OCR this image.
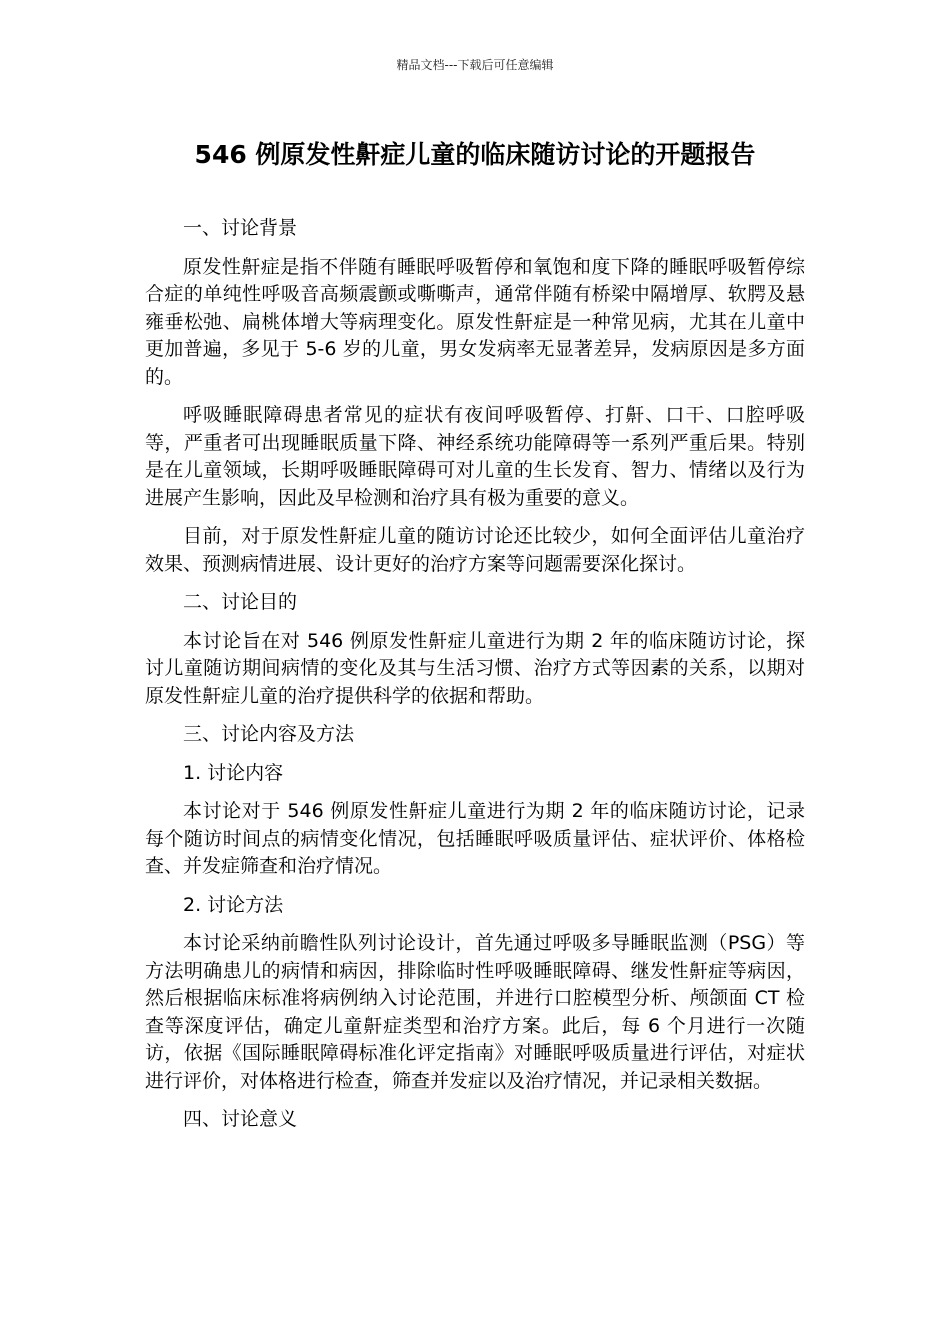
精品文档---下载后可任意编辑
546 例原发性鼾症儿童的临床随访讨论的开题报告
一、讨论背景

原发性鼾症是指不伴随有睡眠呼吸暂停和氧饱和度下降的睡眠呼吸暂停综合症的单纯性呼吸音高频震颤或嘶嘶声，通常伴随有桥梁中隔增厚、软腭及悬雍垂松弛、扁桃体增大等病理变化。原发性鼾症是一种常见病，尤其在儿童中更加普遍，多见于 5-6 岁的儿童，男女发病率无显著差异，发病原因是多方面的。

呼吸睡眠障碍患者常见的症状有夜间呼吸暂停、打鼾、口干、口腔呼吸等，严重者可出现睡眠质量下降、神经系统功能障碍等一系列严重后果。特别是在儿童领域，长期呼吸睡眠障碍可对儿童的生长发育、智力、情绪以及行为进展产生影响，因此及早检测和治疗具有极为重要的意义。

目前，对于原发性鼾症儿童的随访讨论还比较少，如何全面评估儿童治疗效果、预测病情进展、设计更好的治疗方案等问题需要深化探讨。

二、讨论目的

本讨论旨在对 546 例原发性鼾症儿童进行为期 2 年的临床随访讨论，探讨儿童随访期间病情的变化及其与生活习惯、治疗方式等因素的关系，以期对原发性鼾症儿童的治疗提供科学的依据和帮助。

三、讨论内容及方法
1. 讨论内容

本讨论对于 546 例原发性鼾症儿童进行为期 2 年的临床随访讨论，记录每个随访时间点的病情变化情况，包括睡眠呼吸质量评估、症状评价、体格检查、并发症筛查和治疗情况。

2. 讨论方法

本讨论采纳前瞻性队列讨论设计，首先通过呼吸多导睡眠监测（PSG）等方法明确患儿的病情和病因，排除临时性呼吸睡眠障碍、继发性鼾症等病因，然后根据临床标准将病例纳入讨论范围，并进行口腔模型分析、颅颌面 CT 检查等深度评估，确定儿童鼾症类型和治疗方案。此后，每 6 个月进行一次随访，依据《国际睡眠障碍标准化评定指南》对睡眠呼吸质量进行评估，对症状进行评价，对体格进行检查，筛查并发症以及治疗情况，并记录相关数据。

四、讨论意义
